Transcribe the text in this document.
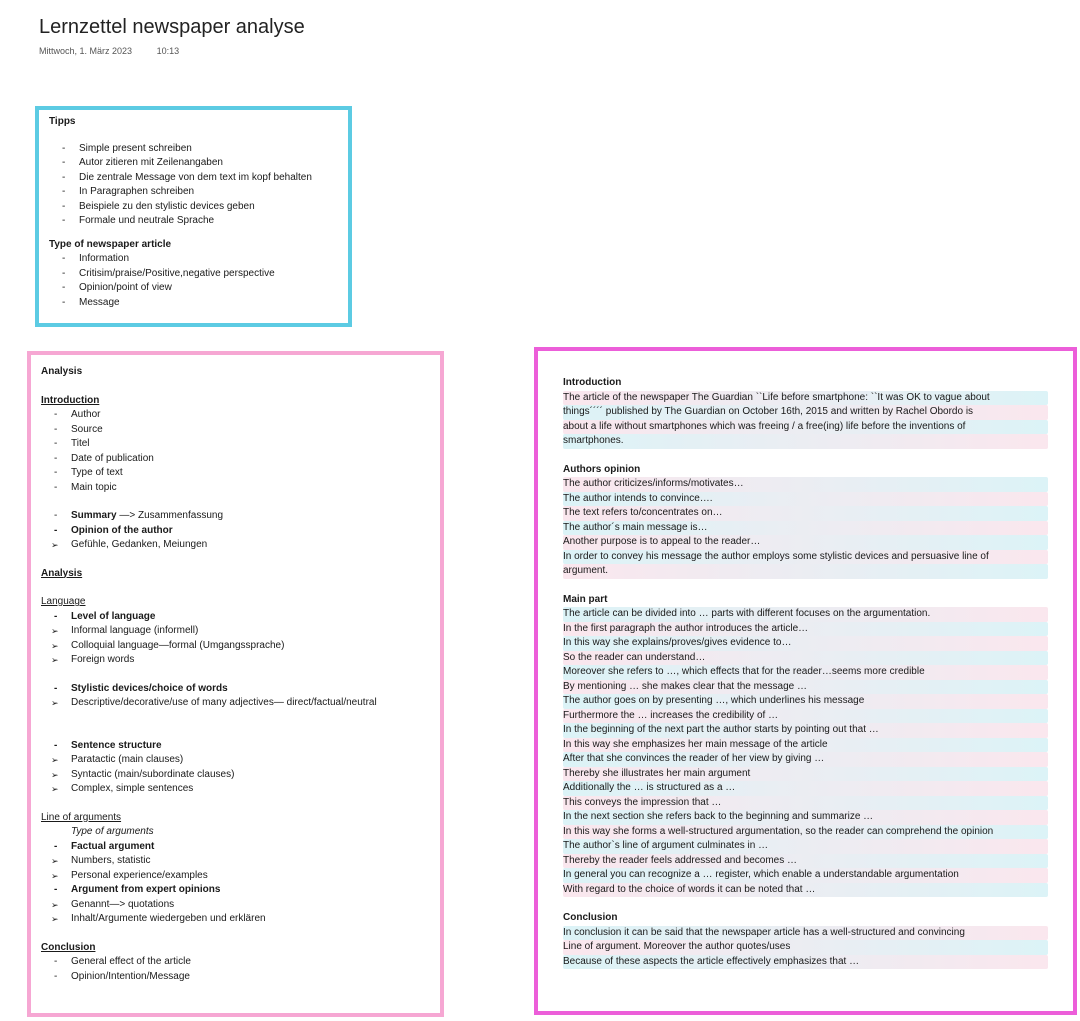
Lernzettel newspaper analyse
Mittwoch, 1. März 2023	10:13
Tipps
- Simple present schreiben
- Autor zitieren mit Zeilenangaben
- Die zentrale Message von dem text im kopf behalten
- In Paragraphen schreiben
- Beispiele zu den stylistic devices geben
- Formale und neutrale Sprache
Type of newspaper article
- Information
- Critisim/praise/Positive,negative perspective
- Opinion/point of view
- Message
Analysis
Introduction
- Author
- Source
- Titel
- Date of publication
- Type of text
- Main topic
- Summary —> Zusammenfassung
- Opinion of the author
➢ Gefühle, Gedanken, Meiungen
Analysis
Language
- Level of language
➢ Informal language (informell)
➢ Colloquial language—formal (Umgangssprache)
➢ Foreign words
- Stylistic devices/choice of words
➢ Descriptive/decorative/use of many adjectives— direct/factual/neutral
- Sentence structure
➢ Paratactic (main clauses)
➢ Syntactic (main/subordinate clauses)
➢ Complex, simple sentences
Line of arguments
Type of arguments
- Factual argument
➢ Numbers, statistic
➢ Personal experience/examples
- Argument from expert opinions
➢ Genannt—> quotations
➢ Inhalt/Argumente wiedergeben und erklären
Conclusion
- General effect of the article
- Opinion/Intention/Message
Introduction
The article of the newspaper The Guardian ``Life before smartphone: ``It was OK to vague about
things´´´´ published by The Guardian on October 16th, 2015 and written by Rachel Obordo is
about a life without smartphones which was freeing / a free(ing) life before the inventions of
smartphones.
Authors opinion
The author criticizes/informs/motivates…
The author intends to convince….
The text refers to/concentrates on…
The author´s main message is…
Another purpose is to appeal to the reader…
In order to convey his message the author employs some stylistic devices and persuasive line of
argument.
Main part
The article can be divided into … parts with different focuses on the argumentation.
In the first paragraph the author introduces the article…
In this way she explains/proves/gives evidence to…
So the reader can understand…
Moreover she refers to …, which effects that for the reader…seems more credible
By mentioning … she makes clear that the message …
The author goes on by presenting …, which underlines his message
Furthermore the … increases the credibility of …
In the beginning of the next part the author starts by pointing out that …
In this way she emphasizes her main message of the article
After that she convinces the reader of her view by giving …
Thereby she illustrates her main argument
Additionally the … is structured as a …
This conveys the impression that …
In the next section she refers back to the beginning and summarize …
In this way she forms a well-structured argumentation, so the reader can comprehend the opinion
The author`s line of argument culminates in …
Thereby the reader feels addressed and becomes …
In general you can recognize a … register, which enable a understandable argumentation
With regard to the choice of words it can be noted that …
Conclusion
In conclusion it can be said that the newspaper article has a well-structured and convincing
Line of argument. Moreover the author quotes/uses
Because of these aspects the article effectively emphasizes that …
